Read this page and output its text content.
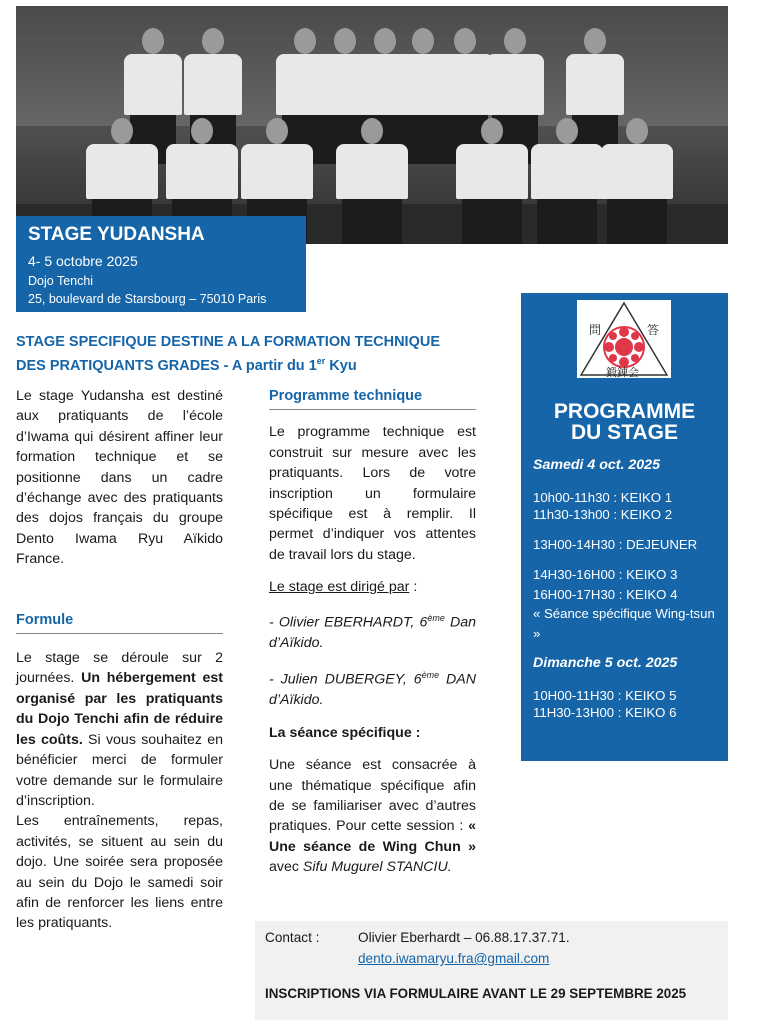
STAGE YUDANSHA
4- 5 octobre 2025
Dojo Tenchi
25, boulevard de Starsbourg – 75010 Paris
STAGE SPECIFIQUE DESTINE A LA FORMATION TECHNIQUE
DES PRATIQUANTS GRADES - A partir du 1er Kyu

Le stage Yudansha est destiné aux pratiquants de l’école d’Iwama qui désirent affiner leur formation technique et se positionne dans un cadre d’échange avec des pratiquants des dojos français du groupe Dento Iwama Ryu Aïkido France.

Formule

Le stage se déroule sur 2 journées. Un hébergement est organisé par les pratiquants du Dojo Tenchi afin de réduire les coûts. Si vous souhaitez en bénéficier merci de formuler votre demande sur le formulaire d’inscription.

Les entraînements, repas, activités, se situent au sein du dojo. Une soirée sera proposée au sein du Dojo le samedi soir afin de renforcer les liens entre les pratiquants.

Programme technique

Le programme technique est construit sur mesure avec les pratiquants. Lors de votre inscription un formulaire spécifique est à remplir. Il permet d’indiquer vos attentes de travail lors du stage.

Le stage est dirigé par :

- Olivier EBERHARDT, 6ème Dan d’Aïkido.

- Julien DUBERGEY, 6ème DAN d’Aïkido.

La séance spécifique :

Une séance est consacrée à une thématique spécifique afin de se familiariser avec d’autres pratiques. Pour cette session : « Une séance de Wing Chun » avec Sifu Mugurel STANCIU.

問	答
鍛錬会
PROGRAMME
DU STAGE
Samedi 4 oct. 2025
10h00-11h30 : KEIKO 1
11h30-13h00 : KEIKO 2
13H00-14H30 : DEJEUNER
14H30-16H00 : KEIKO 3
16H00-17H30 : KEIKO 4
« Séance spécifique Wing-tsun »
Dimanche 5 oct. 2025
10H00-11H30 : KEIKO 5
11H30-13H00 : KEIKO 6
Contact :	Olivier Eberhardt – 06.88.17.37.71.
dento.iwamaryu.fra@gmail.com
INSCRIPTIONS VIA FORMULAIRE AVANT LE 29 SEPTEMBRE 2025
